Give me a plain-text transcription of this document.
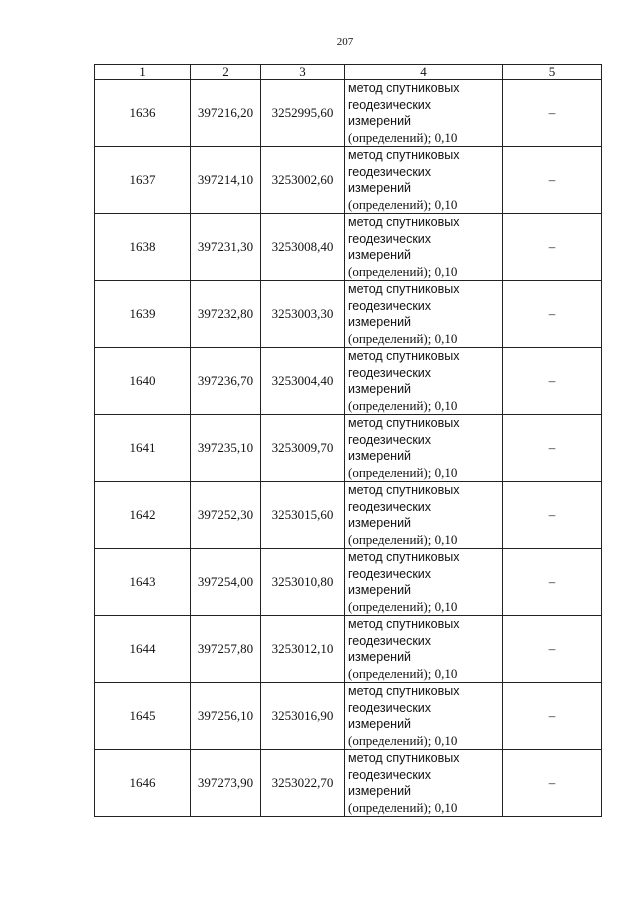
207
1	2	3	4	5
1636	397216,20	3252995,60	метод спутниковых
геодезических
измерений
(определений); 0,10	–
1637	397214,10	3253002,60	метод спутниковых
геодезических
измерений
(определений); 0,10	–
1638	397231,30	3253008,40	метод спутниковых
геодезических
измерений
(определений); 0,10	–
1639	397232,80	3253003,30	метод спутниковых
геодезических
измерений
(определений); 0,10	–
1640	397236,70	3253004,40	метод спутниковых
геодезических
измерений
(определений); 0,10	–
1641	397235,10	3253009,70	метод спутниковых
геодезических
измерений
(определений); 0,10	–
1642	397252,30	3253015,60	метод спутниковых
геодезических
измерений
(определений); 0,10	–
1643	397254,00	3253010,80	метод спутниковых
геодезических
измерений
(определений); 0,10	–
1644	397257,80	3253012,10	метод спутниковых
геодезических
измерений
(определений); 0,10	–
1645	397256,10	3253016,90	метод спутниковых
геодезических
измерений
(определений); 0,10	–
1646	397273,90	3253022,70	метод спутниковых
геодезических
измерений
(определений); 0,10	–
